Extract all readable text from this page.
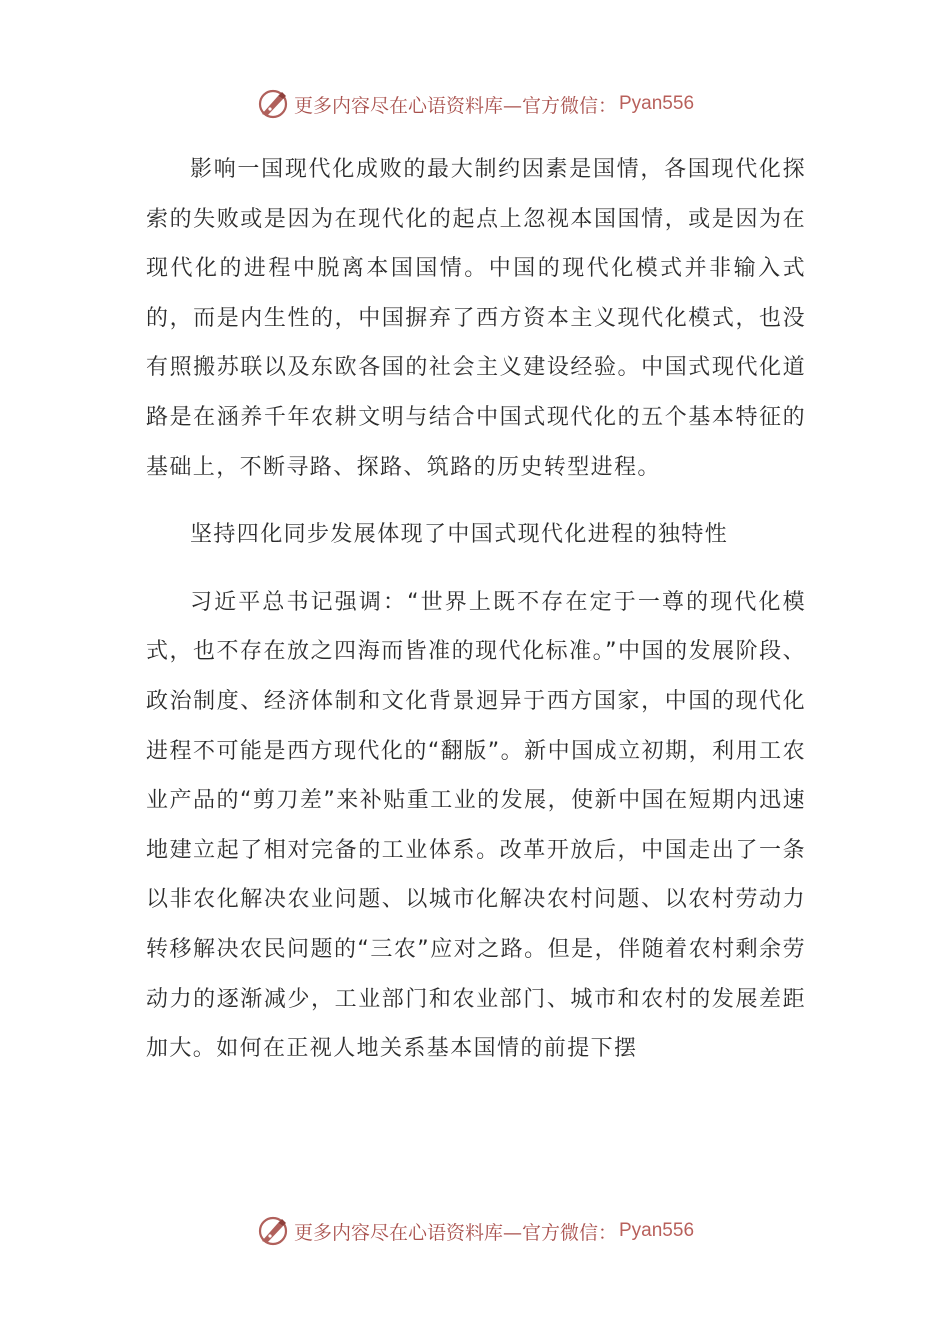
更多内容尽在心语资料库—官方微信： Pyan556

影响一国现代化成败的最大制约因素是国情，各国现代化探索的失败或是因为在现代化的起点上忽视本国国情，或是因为在现代化的进程中脱离本国国情。中国的现代化模式并非输入式的，而是内生性的，中国摒弃了西方资本主义现代化模式，也没有照搬苏联以及东欧各国的社会主义建设经验。中国式现代化道路是在涵养千年农耕文明与结合中国式现代化的五个基本特征的基础上，不断寻路、探路、筑路的历史转型进程。

坚持四化同步发展体现了中国式现代化进程的独特性

习近平总书记强调：“世界上既不存在定于一尊的现代化模式，也不存在放之四海而皆准的现代化标准。”中国的发展阶段、政治制度、经济体制和文化背景迥异于西方国家，中国的现代化进程不可能是西方现代化的“翻版”。新中国成立初期，利用工农业产品的“剪刀差”来补贴重工业的发展，使新中国在短期内迅速地建立起了相对完备的工业体系。改革开放后，中国走出了一条以非农化解决农业问题、以城市化解决农村问题、以农村劳动力转移解决农民问题的“三农”应对之路。但是，伴随着农村剩余劳动力的逐渐减少，工业部门和农业部门、城市和农村的发展差距加大。如何在正视人地关系基本国情的前提下摆

更多内容尽在心语资料库—官方微信： Pyan556
